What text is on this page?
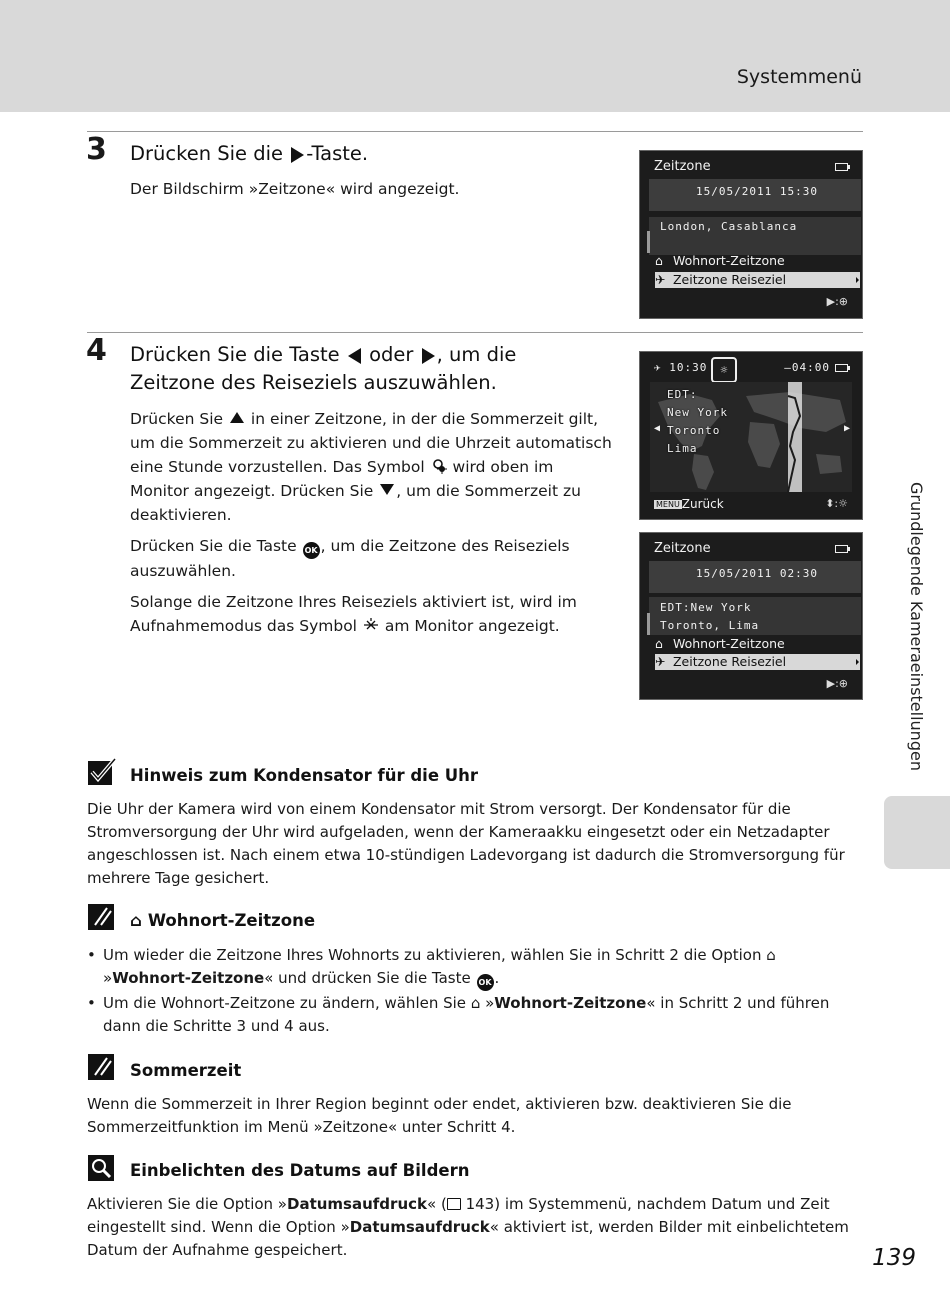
Systemmenü
3 Drücken Sie die -Taste.
Der Bildschirm »Zeitzone« wird angezeigt.
Zeitzone
15/05/2011 15:30
London, Casablanca
⌂ Wohnort-Zeitzone
✈ Zeitzone Reiseziel
▶:⊕
4 Drücken Sie die Taste  oder , um die
Zeitzone des Reiseziels auszuwählen.
Drücken Sie  in einer Zeitzone, in der die Sommerzeit gilt, um die Sommerzeit zu aktivieren und die Uhrzeit automatisch eine Stunde vorzustellen. Das Symbol  wird oben im Monitor angezeigt. Drücken Sie , um die Sommerzeit zu deaktivieren.
Drücken Sie die Taste OK , um die Zeitzone des Reiseziels auszuwählen.
Solange die Zeitzone Ihres Reiseziels aktiviert ist, wird im Aufnahmemodus das Symbol  am Monitor angezeigt.
✈ 10:30	☼	–04:00
EDT:
New York
Toronto
Lima
◀	▶
MENU Zurück	⬍:☼
Zeitzone
15/05/2011 02:30
EDT:New York
Toronto, Lima
⌂ Wohnort-Zeitzone
✈ Zeitzone Reiseziel
▶:⊕
Hinweis zum Kondensator für die Uhr
Die Uhr der Kamera wird von einem Kondensator mit Strom versorgt. Der Kondensator für die Stromversorgung der Uhr wird aufgeladen, wenn der Kameraakku eingesetzt oder ein Netzadapter angeschlossen ist. Nach einem etwa 10-stündigen Ladevorgang ist dadurch die Stromversorgung für mehrere Tage gesichert.
⌂ Wohnort-Zeitzone
• Um wieder die Zeitzone Ihres Wohnorts zu aktivieren, wählen Sie in Schritt 2 die Option ⌂ »Wohnort-Zeitzone« und drücken Sie die Taste OK .
• Um die Wohnort-Zeitzone zu ändern, wählen Sie ⌂ »Wohnort-Zeitzone« in Schritt 2 und führen dann die Schritte 3 und 4 aus.
Sommerzeit
Wenn die Sommerzeit in Ihrer Region beginnt oder endet, aktivieren bzw. deaktivieren Sie die Sommerzeitfunktion im Menü »Zeitzone« unter Schritt 4.
Einbelichten des Datums auf Bildern
Aktivieren Sie die Option »Datumsaufdruck« ( 143) im Systemmenü, nachdem Datum und Zeit eingestellt sind. Wenn die Option »Datumsaufdruck« aktiviert ist, werden Bilder mit einbelichtetem Datum der Aufnahme gespeichert.
Grundlegende Kameraeinstellungen
139
